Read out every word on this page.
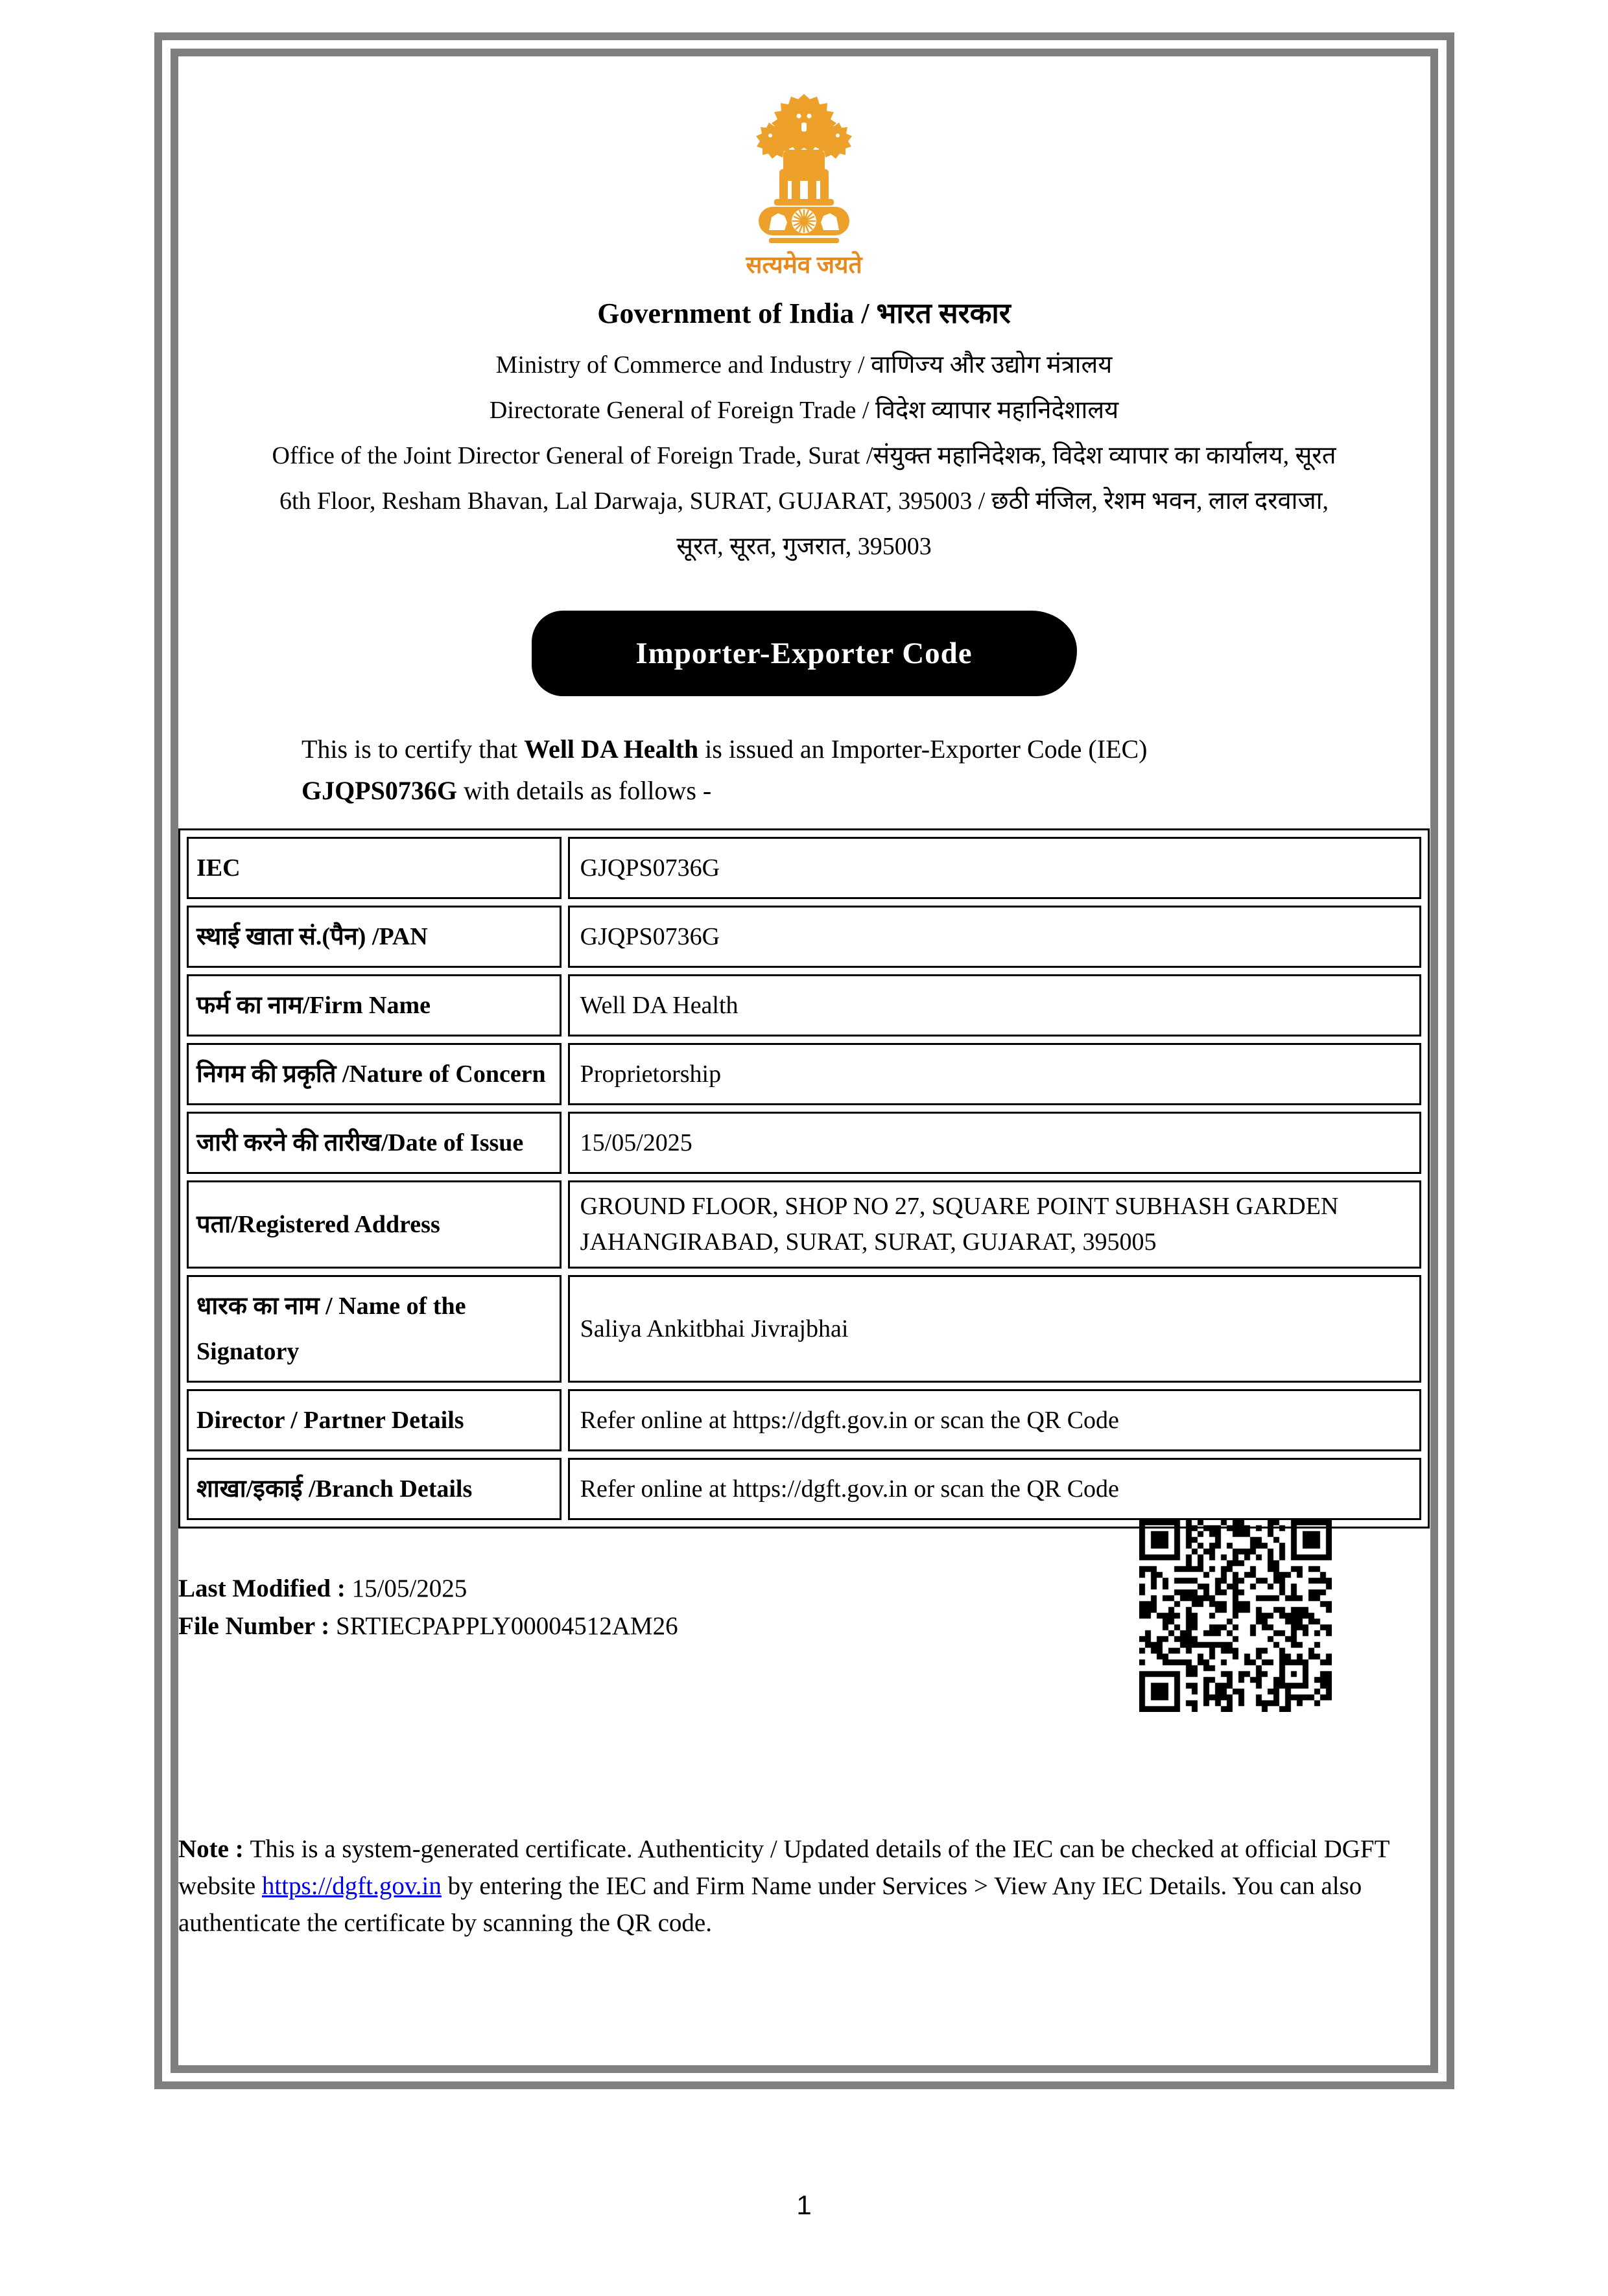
सत्यमेव जयते
Government of India / भारत सरकार
Ministry of Commerce and Industry / वाणिज्य और उद्योग मंत्रालय
Directorate General of Foreign Trade / विदेश व्यापार महानिदेशालय
Office of the Joint Director General of Foreign Trade, Surat /संयुक्त महानिदेशक, विदेश व्यापार का कार्यालय, सूरत
6th Floor, Resham Bhavan, Lal Darwaja, SURAT, GUJARAT, 395003 / छठी मंजिल, रेशम भवन, लाल दरवाजा,
सूरत, सूरत, गुजरात, 395003
Importer-Exporter Code
This is to certify that Well DA Health is issued an Importer-Exporter Code (IEC)
GJQPS0736G with details as follows -
IEC	GJQPS0736G
स्थाई खाता सं.(पैन) /PAN	GJQPS0736G
फर्म का नाम/Firm Name	Well DA Health
निगम की प्रकृति /Nature of Concern	Proprietorship
जारी करने की तारीख/Date of Issue	15/05/2025
पता/Registered Address	GROUND FLOOR, SHOP NO 27, SQUARE POINT SUBHASH GARDEN JAHANGIRABAD, SURAT, SURAT, GUJARAT, 395005
धारक का नाम / Name of the Signatory	Saliya Ankitbhai Jivrajbhai
Director / Partner Details	Refer online at https://dgft.gov.in or scan the QR Code
शाखा/इकाई /Branch Details	Refer online at https://dgft.gov.in or scan the QR Code
Last Modified : 15/05/2025
File Number : SRTIECPAPPLY00004512AM26
Note : This is a system-generated certificate. Authenticity / Updated details of the IEC can be checked at official DGFT website https://dgft.gov.in by entering the IEC and Firm Name under Services > View Any IEC Details. You can also authenticate the certificate by scanning the QR code.
1
